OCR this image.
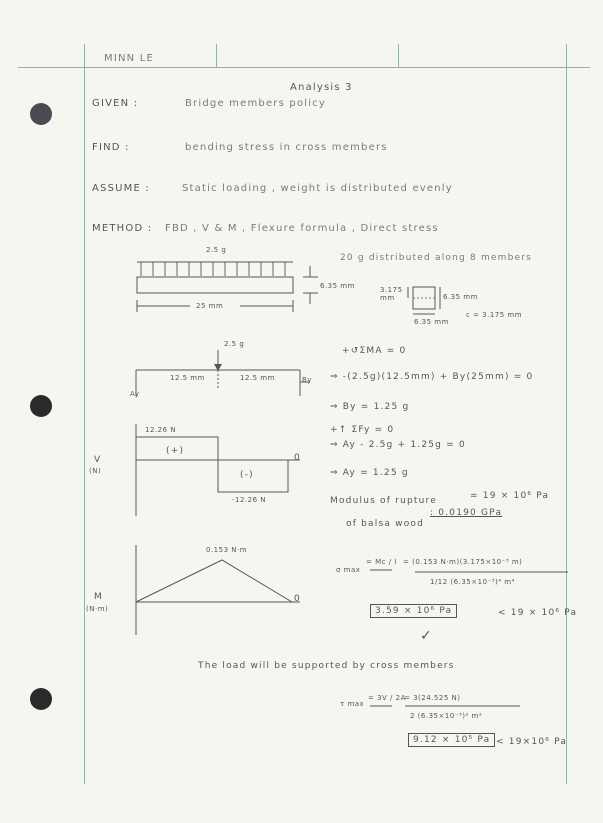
MINN LE
Analysis 3
GIVEN :	Bridge members policy
FIND :	bending stress in cross members
ASSUME :	Static loading , weight is distributed evenly
METHOD : FBD , V & M , Flexure formula , Direct stress
20 g distributed along 8 members
2.5 g
6.35 mm
25 mm
3.175 mm	6.35 mm
6.35 mm
c = 3.175 mm
2.5 g
12.5 mm	12.5 mm
Ay
By
+↺ΣMA = 0
⇒ -(2.5g)(12.5mm) + By(25mm) = 0
⇒ By = 1.25 g
+↑ ΣFy = 0
⇒ Ay - 2.5g + 1.25g = 0
⇒ Ay = 1.25 g
Modulus of rupture	= 19 × 10⁶ Pa
of balsa wood
: 0.0190 GPa
V
(N)
12.26 N
(+)
(-)
-12.26 N
0
M
(N·m)
0.153 N·m
0
σ max
= Mc / I = (0.153 N·m)(3.175×10⁻³ m)
1/12 (6.35×10⁻³)⁴ m⁴
3.59 × 10⁶ Pa	< 19 × 10⁶ Pa
✓
The load will be supported by cross members
τ max
= 3V / 2A
= 3(24.525 N)
2 (6.35×10⁻³)² m²
9.12 × 10⁵ Pa < 19×10⁶ Pa
